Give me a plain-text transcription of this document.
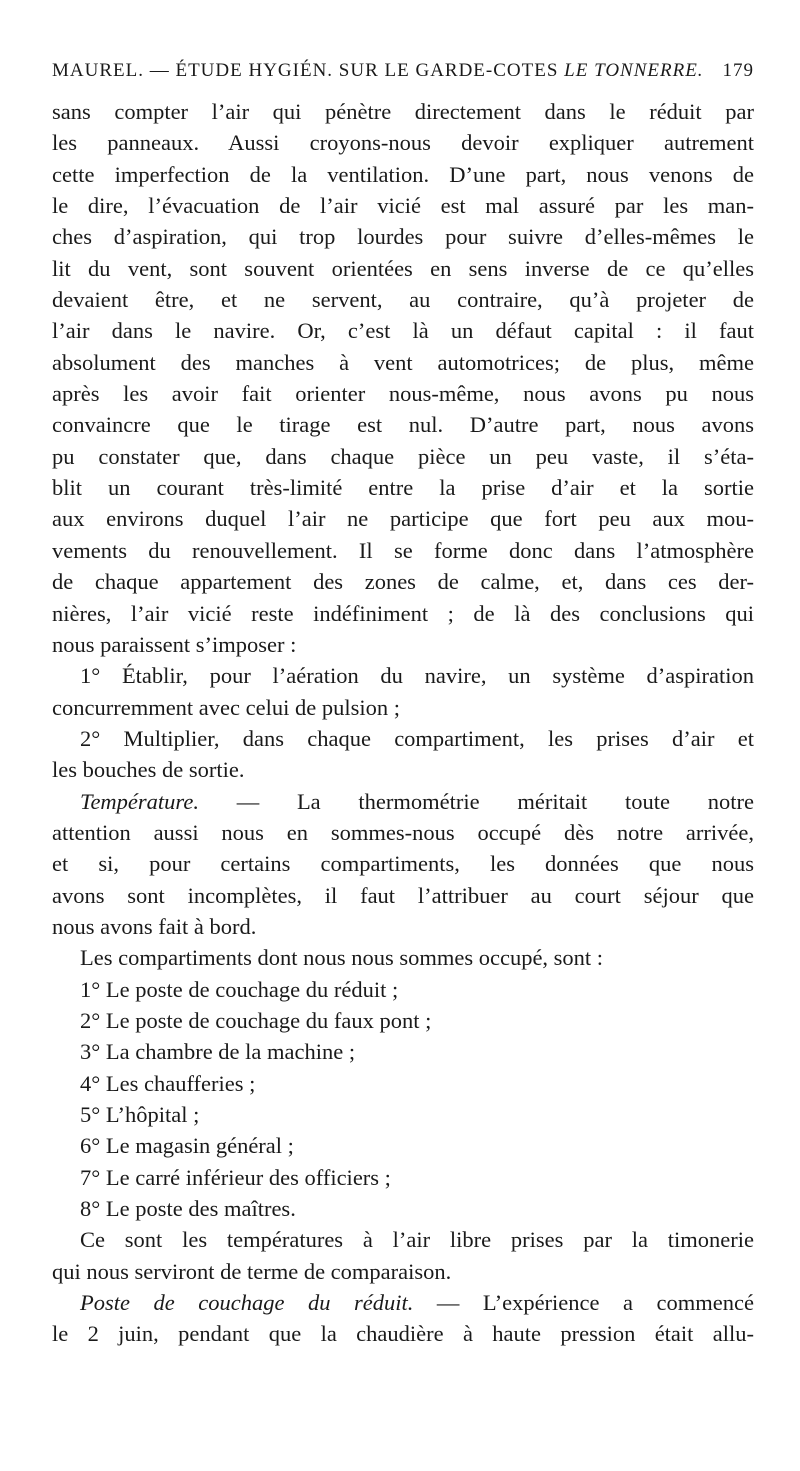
MAUREL. — ÉTUDE HYGIÉN. SUR LE GARDE-COTES LE TONNERRE. 179
sans compter l’air qui pénètre directement dans le réduit par
les panneaux. Aussi croyons-nous devoir expliquer autrement
cette imperfection de la ventilation. D’une part, nous venons de
le dire, l’évacuation de l’air vicié est mal assuré par les man-
ches d’aspiration, qui trop lourdes pour suivre d’elles-mêmes le
lit du vent, sont souvent orientées en sens inverse de ce qu’elles
devaient être, et ne servent, au contraire, qu’à projeter de
l’air dans le navire. Or, c’est là un défaut capital : il faut
absolument des manches à vent automotrices; de plus, même
après les avoir fait orienter nous-même, nous avons pu nous
convaincre que le tirage est nul. D’autre part, nous avons
pu constater que, dans chaque pièce un peu vaste, il s’éta-
blit un courant très-limité entre la prise d’air et la sortie
aux environs duquel l’air ne participe que fort peu aux mou-
vements du renouvellement. Il se forme donc dans l’atmosphère
de chaque appartement des zones de calme, et, dans ces der-
nières, l’air vicié reste indéfiniment ; de là des conclusions qui
nous paraissent s’imposer :
1° Établir, pour l’aération du navire, un système d’aspiration
concurremment avec celui de pulsion ;
2° Multiplier, dans chaque compartiment, les prises d’air et
les bouches de sortie.
Température. — La thermométrie méritait toute notre
attention aussi nous en sommes-nous occupé dès notre arrivée,
et si, pour certains compartiments, les données que nous
avons sont incomplètes, il faut l’attribuer au court séjour que
nous avons fait à bord.
Les compartiments dont nous nous sommes occupé, sont :
1° Le poste de couchage du réduit ;
2° Le poste de couchage du faux pont ;
3° La chambre de la machine ;
4° Les chaufferies ;
5° L’hôpital ;
6° Le magasin général ;
7° Le carré inférieur des officiers ;
8° Le poste des maîtres.
Ce sont les températures à l’air libre prises par la timonerie
qui nous serviront de terme de comparaison.
Poste de couchage du réduit. — L’expérience a commencé
le 2 juin, pendant que la chaudière à haute pression était allu-
